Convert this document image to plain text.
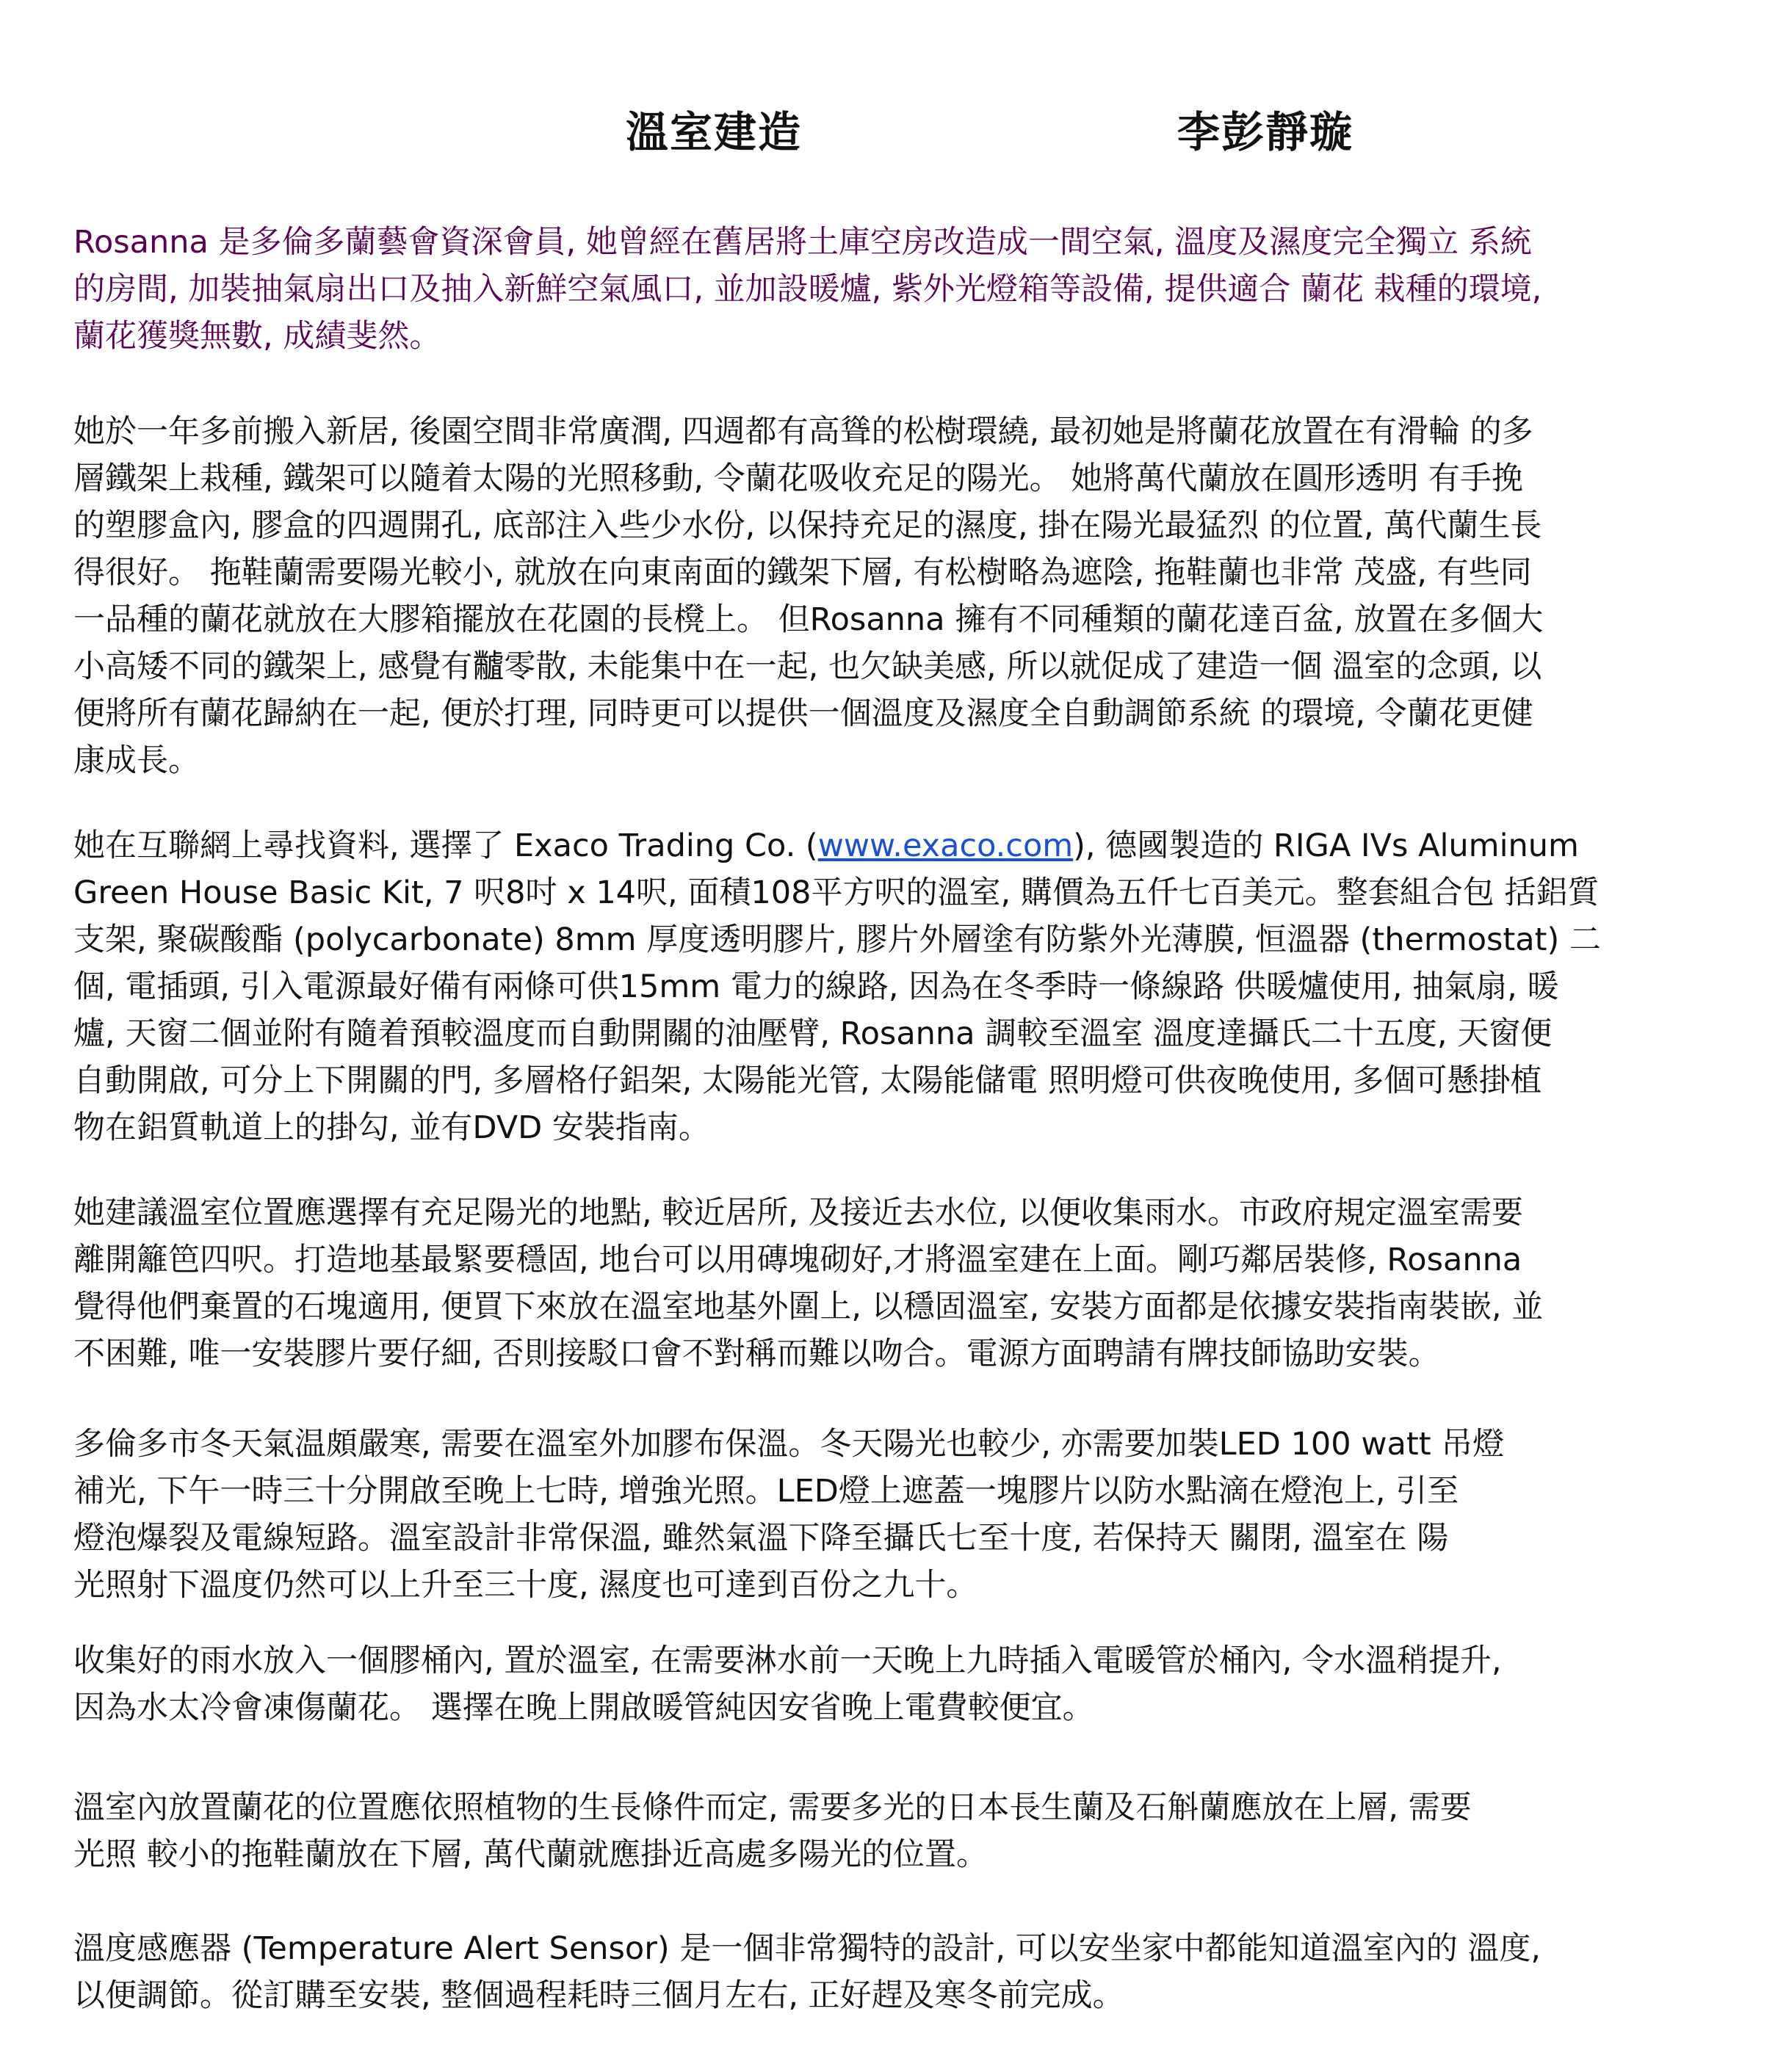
溫室建造	李彭靜璇

Rosanna 是多倫多蘭藝會資深會員, 她曾經在舊居將土庫空房改造成一間空氣, 溫度及濕度完全獨立 系統
的房間, 加裝抽氣扇出口及抽入新鮮空氣風口, 並加設暖爐, 紫外光燈箱等設備, 提供適合 蘭花 栽種的環境,
蘭花獲獎無數, 成績斐然。

她於一年多前搬入新居, 後園空間非常廣潤, 四週都有高聳的松樹環繞, 最初她是將蘭花放置在有滑輪 的多
層鐵架上栽種, 鐵架可以隨着太陽的光照移動, 令蘭花吸收充足的陽光。 她將萬代蘭放在圓形透明 有手挽
的塑膠盒內, 膠盒的四週開孔, 底部注入些少水份, 以保持充足的濕度, 掛在陽光最猛烈 的位置, 萬代蘭生長
得很好。 拖鞋蘭需要陽光較小, 就放在向東南面的鐵架下層, 有松樹略為遮陰, 拖鞋蘭也非常 茂盛, 有些同
一品種的蘭花就放在大膠箱擺放在花園的長櫈上。 但Rosanna 擁有不同種類的蘭花達百盆, 放置在多個大
小高矮不同的鐵架上, 感覺有𪓐零散, 未能集中在一起, 也欠缺美感, 所以就促成了建造一個 溫室的念頭, 以
便將所有蘭花歸納在一起, 便於打理, 同時更可以提供一個溫度及濕度全自動調節系統 的環境, 令蘭花更健
康成長。

她在互聯網上尋找資料, 選擇了 Exaco Trading Co. (www.exaco.com), 德國製造的 RIGA IVs Aluminum
Green House Basic Kit, 7 呎8吋 x 14呎, 面積108平方呎的溫室, 購價為五仟七百美元。整套組合包 括鋁質
支架, 聚碳酸酯 (polycarbonate) 8mm 厚度透明膠片, 膠片外層塗有防紫外光薄膜, 恒溫器 (thermostat) 二
個, 電插頭, 引入電源最好備有兩條可供15mm 電力的線路, 因為在冬季時一條線路 供暖爐使用, 抽氣扇, 暖
爐, 天窗二個並附有隨着預較溫度而自動開關的油壓臂, Rosanna 調較至溫室 溫度達攝氏二十五度, 天窗便
自動開啟, 可分上下開關的門, 多層格仔鋁架, 太陽能光管, 太陽能儲電 照明燈可供夜晚使用, 多個可懸掛植
物在鋁質軌道上的掛勾, 並有DVD 安裝指南。

她建議溫室位置應選擇有充足陽光的地點, 較近居所, 及接近去水位, 以便收集雨水。市政府規定溫室需要
離開籬笆四呎。打造地基最緊要穩固, 地台可以用磚塊砌好,才將溫室建在上面。剛巧鄰居裝修, Rosanna
覺得他們棄置的石塊適用, 便買下來放在溫室地基外圍上, 以穩固溫室, 安裝方面都是依據安裝指南裝嵌, 並
不困難, 唯一安裝膠片要仔細, 否則接駁口會不對稱而難以吻合。電源方面聘請有牌技師協助安裝。

多倫多市冬天氣温頗嚴寒, 需要在溫室外加膠布保溫。冬天陽光也較少, 亦需要加裝LED 100 watt 吊燈
補光, 下午一時三十分開啟至晚上七時, 增強光照。LED燈上遮蓋一塊膠片以防水點滴在燈泡上, 引至
燈泡爆裂及電線短路。溫室設計非常保溫, 雖然氣溫下降至攝氏七至十度, 若保持天 關閉, 溫室在 陽
光照射下溫度仍然可以上升至三十度, 濕度也可達到百份之九十。

收集好的雨水放入一個膠桶內, 置於溫室, 在需要淋水前一天晚上九時插入電暖管於桶內, 令水溫稍提升,
因為水太冷會凍傷蘭花。 選擇在晚上開啟暖管純因安省晚上電費較便宜。

溫室內放置蘭花的位置應依照植物的生長條件而定, 需要多光的日本長生蘭及石斛蘭應放在上層, 需要
光照 較小的拖鞋蘭放在下層, 萬代蘭就應掛近高處多陽光的位置。

溫度感應器 (Temperature Alert Sensor) 是一個非常獨特的設計, 可以安坐家中都能知道溫室內的 溫度,
以便調節。從訂購至安裝, 整個過程耗時三個月左右, 正好趕及寒冬前完成。
